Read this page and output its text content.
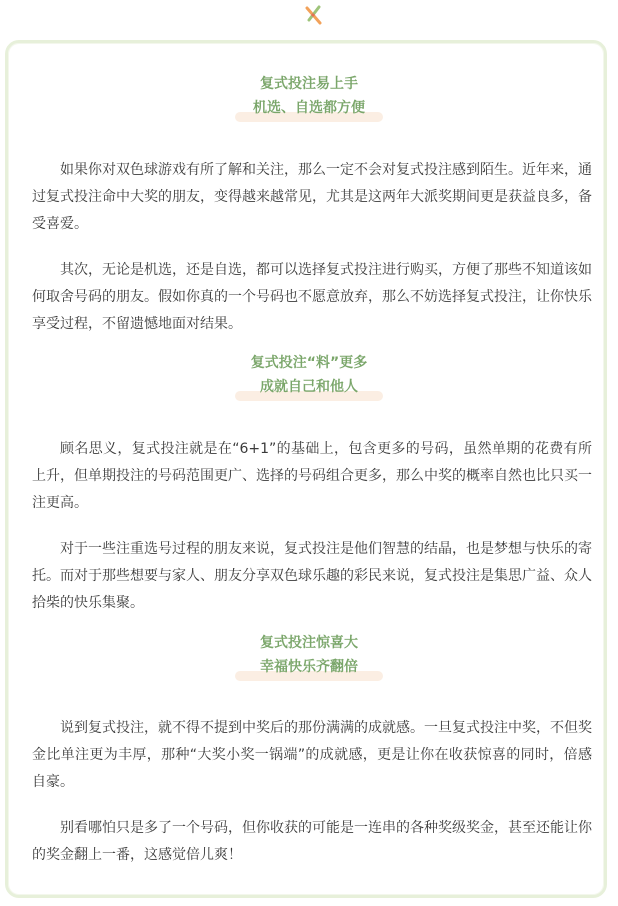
复式投注易上手
机选、自选都方便

如果你对双色球游戏有所了解和关注，那么一定不会对复式投注感到陌生。近年来，通过复式投注命中大奖的朋友，变得越来越常见，尤其是这两年大派奖期间更是获益良多，备受喜爱。

其次，无论是机选，还是自选，都可以选择复式投注进行购买，方便了那些不知道该如何取舍号码的朋友。假如你真的一个号码也不愿意放弃，那么不妨选择复式投注，让你快乐享受过程，不留遗憾地面对结果。

复式投注“料”更多
成就自己和他人

顾名思义，复式投注就是在“6+1”的基础上，包含更多的号码，虽然单期的花费有所上升，但单期投注的号码范围更广、选择的号码组合更多，那么中奖的概率自然也比只买一注更高。

对于一些注重选号过程的朋友来说，复式投注是他们智慧的结晶，也是梦想与快乐的寄托。而对于那些想要与家人、朋友分享双色球乐趣的彩民来说，复式投注是集思广益、众人拾柴的快乐集聚。

复式投注惊喜大
幸福快乐齐翻倍

说到复式投注，就不得不提到中奖后的那份满满的成就感。一旦复式投注中奖，不但奖金比单注更为丰厚，那种“大奖小奖一锅端”的成就感，更是让你在收获惊喜的同时，倍感自豪。

别看哪怕只是多了一个号码，但你收获的可能是一连串的各种奖级奖金，甚至还能让你的奖金翻上一番，这感觉倍儿爽！
